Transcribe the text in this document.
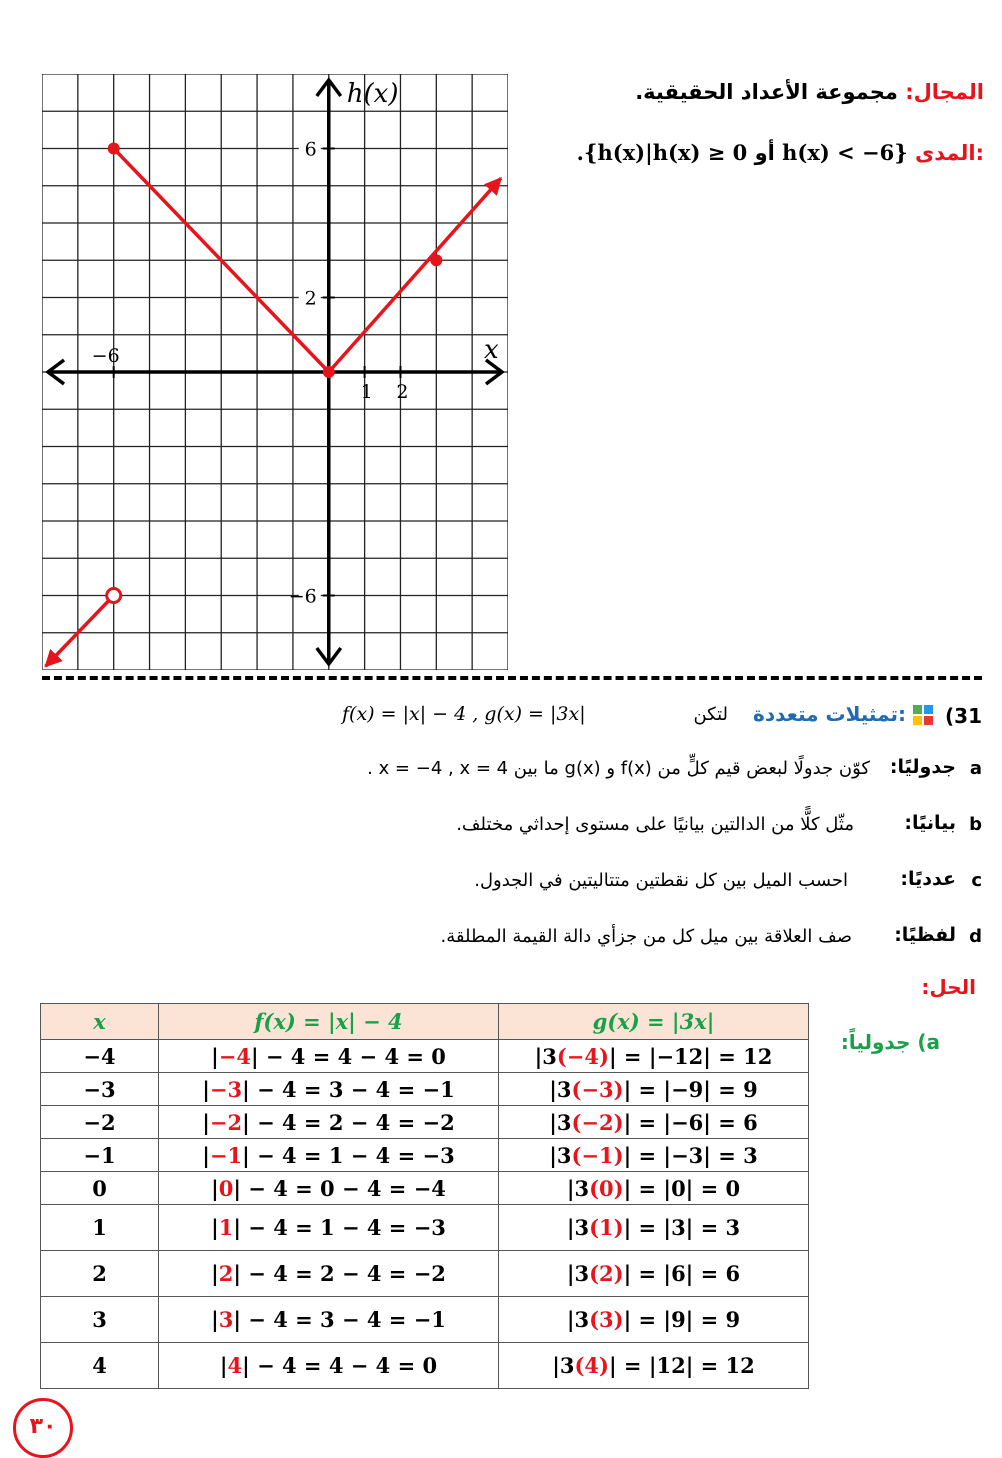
−6
1 2
6
2
−6
h(x)
x
المجال: مجموعة الأعداد الحقيقية.
.{h(x)|h(x) ≥ 0 أو h(x) < −6} المدى:
(31
تمثيلات متعددة:
لتكن
f(x) = |x| − 4 , g(x) = |3x|
a
جدوليًا:
كوّن جدولًا لبعض قيم كلٍّ من f(x) و g(x) ما بين x = −4 , x = 4 .
b
بيانيًا:
مثّل كلًّا من الدالتين بيانيًا على مستوى إحداثي مختلف.
c
عدديًا:
احسب الميل بين كل نقطتين متتاليتين في الجدول.
d
لفظيًا:
صف العلاقة بين ميل كل من جزأي دالة القيمة المطلقة.
الحل:
a) جدولياً:
x	f(x) = |x| − 4	g(x) = |3x|
−4	|−4| − 4 = 4 − 4 = 0	|3(−4)| = |−12| = 12
−3	|−3| − 4 = 3 − 4 = −1	|3(−3)| = |−9| = 9
−2	|−2| − 4 = 2 − 4 = −2	|3(−2)| = |−6| = 6
−1	|−1| − 4 = 1 − 4 = −3	|3(−1)| = |−3| = 3
0	|0| − 4 = 0 − 4 = −4	|3(0)| = |0| = 0
1	|1| − 4 = 1 − 4 = −3	|3(1)| = |3| = 3
2	|2| − 4 = 2 − 4 = −2	|3(2)| = |6| = 6
3	|3| − 4 = 3 − 4 = −1	|3(3)| = |9| = 9
4	|4| − 4 = 4 − 4 = 0	|3(4)| = |12| = 12
٣٠
